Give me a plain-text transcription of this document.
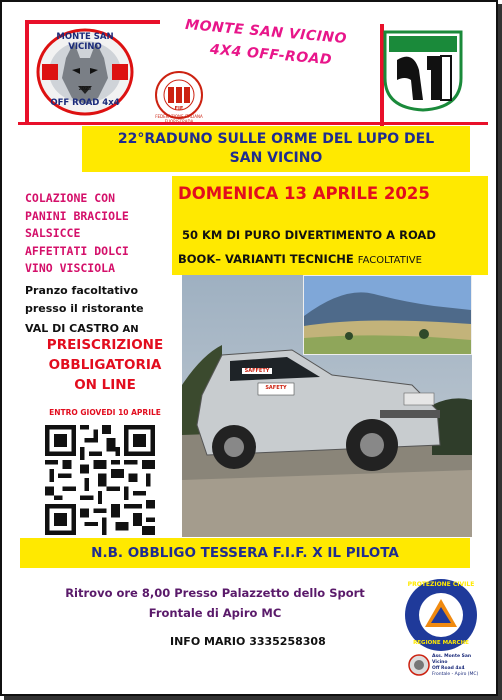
MONTE SAN VICINO
OFF ROAD 4x4
2023
FEDERAZIONE ITALIANA FUORISTRADA
FIF
MONTE SAN VICINO
4X4 OFF-ROAD
22°RADUNO SULLE ORME DEL LUPO DEL
SAN VICINO
DOMENICA 13 APRILE 2025
50 KM DI PURO DIVERTIMENTO A ROAD
BOOK– VARIANTI TECNICHE FACOLTATIVE
COLAZIONE CON
PANINI BRACIOLE
SALSICCE
AFFETTATI DOLCI
VINO VISCIOLA
Pranzo facoltativo
presso il ristorante
VAL DI CASTRO AN
PREISCRIZIONE
OBBLIGATORIA
ON LINE
ENTRO GIOVEDI 10 APRILE
SAFETY
SAFFETY
N.B. OBBLIGO TESSERA F.I.F. X IL PILOTA
Ritrovo ore 8,00 Presso Palazzetto dello Sport
Frontale di Apiro MC
INFO MARIO 3335258308
PROTEZIONE CIVILE
REGIONE MARCHE
Ass. Monte San Vicino
Off Road 4x4
Frontale - Apiro (MC)
